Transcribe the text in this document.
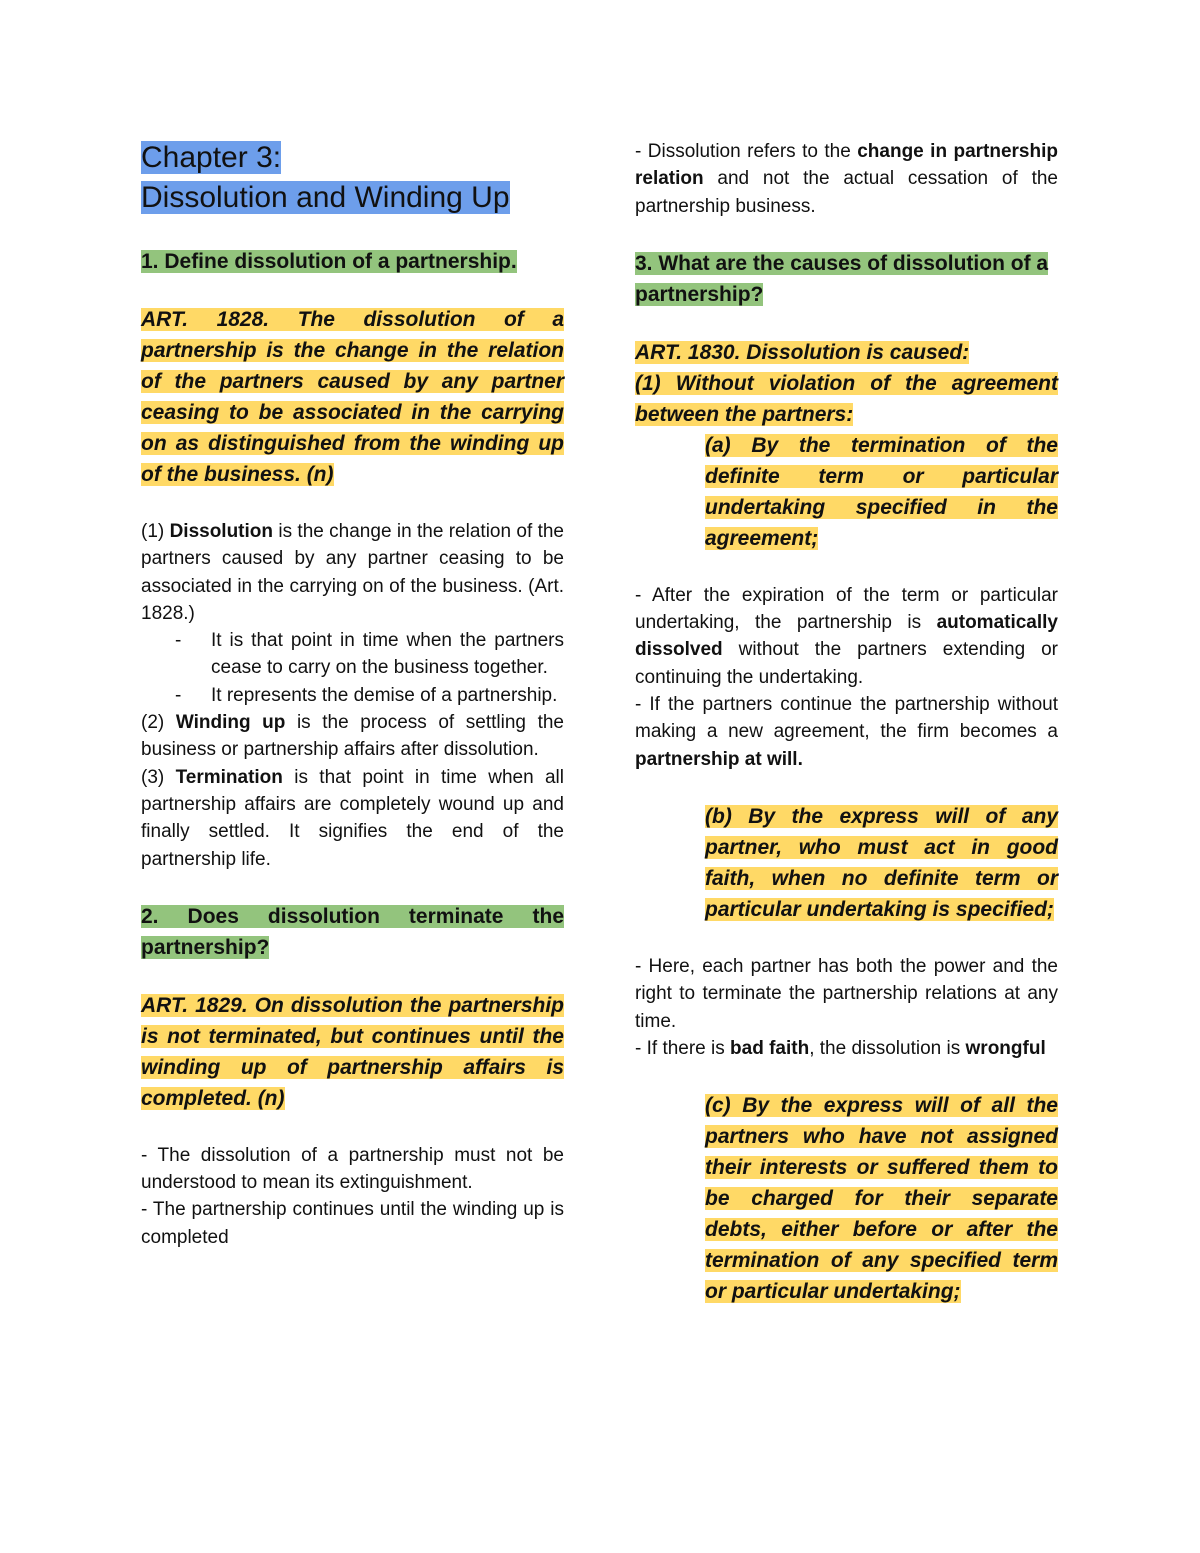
Chapter 3:

Dissolution and Winding Up

1. Define dissolution of a partnership.

ART. 1828. The dissolution of a partnership is the change in the relation of the partners caused by any partner ceasing to be associated in the carrying on as distinguished from the winding up of the business. (n)

(1) Dissolution is the change in the relation of the partners caused by any partner ceasing to be associated in the carrying on of the business. (Art. 1828.)

- It is that point in time when the partners cease to carry on the business together.
- It represents the demise of a partnership.

(2) Winding up is the process of settling the business or partnership affairs after dissolution.

(3) Termination is that point in time when all partnership affairs are completely wound up and finally settled. It signifies the end of the partnership life.

2. Does dissolution terminate the partnership?

ART. 1829. On dissolution the partnership is not terminated, but continues until the winding up of partnership affairs is completed. (n)

- The dissolution of a partnership must not be understood to mean its extinguishment.

- The partnership continues until the winding up is completed

- Dissolution refers to the change in partnership relation and not the actual cessation of the partnership business.

3. What are the causes of dissolution of a partnership?

ART. 1830. Dissolution is caused:

(1) Without violation of the agreement between the partners:

(a) By the termination of the definite term or particular undertaking specified in the agreement;

- After the expiration of the term or particular undertaking, the partnership is automatically dissolved without the partners extending or continuing the undertaking.

- If the partners continue the partnership without making a new agreement, the firm becomes a partnership at will.

(b) By the express will of any partner, who must act in good faith, when no definite term or particular undertaking is specified;

- Here, each partner has both the power and the right to terminate the partnership relations at any time.

- If there is bad faith, the dissolution is wrongful

(c) By the express will of all the partners who have not assigned their interests or suffered them to be charged for their separate debts, either before or after the termination of any specified term or particular undertaking;
